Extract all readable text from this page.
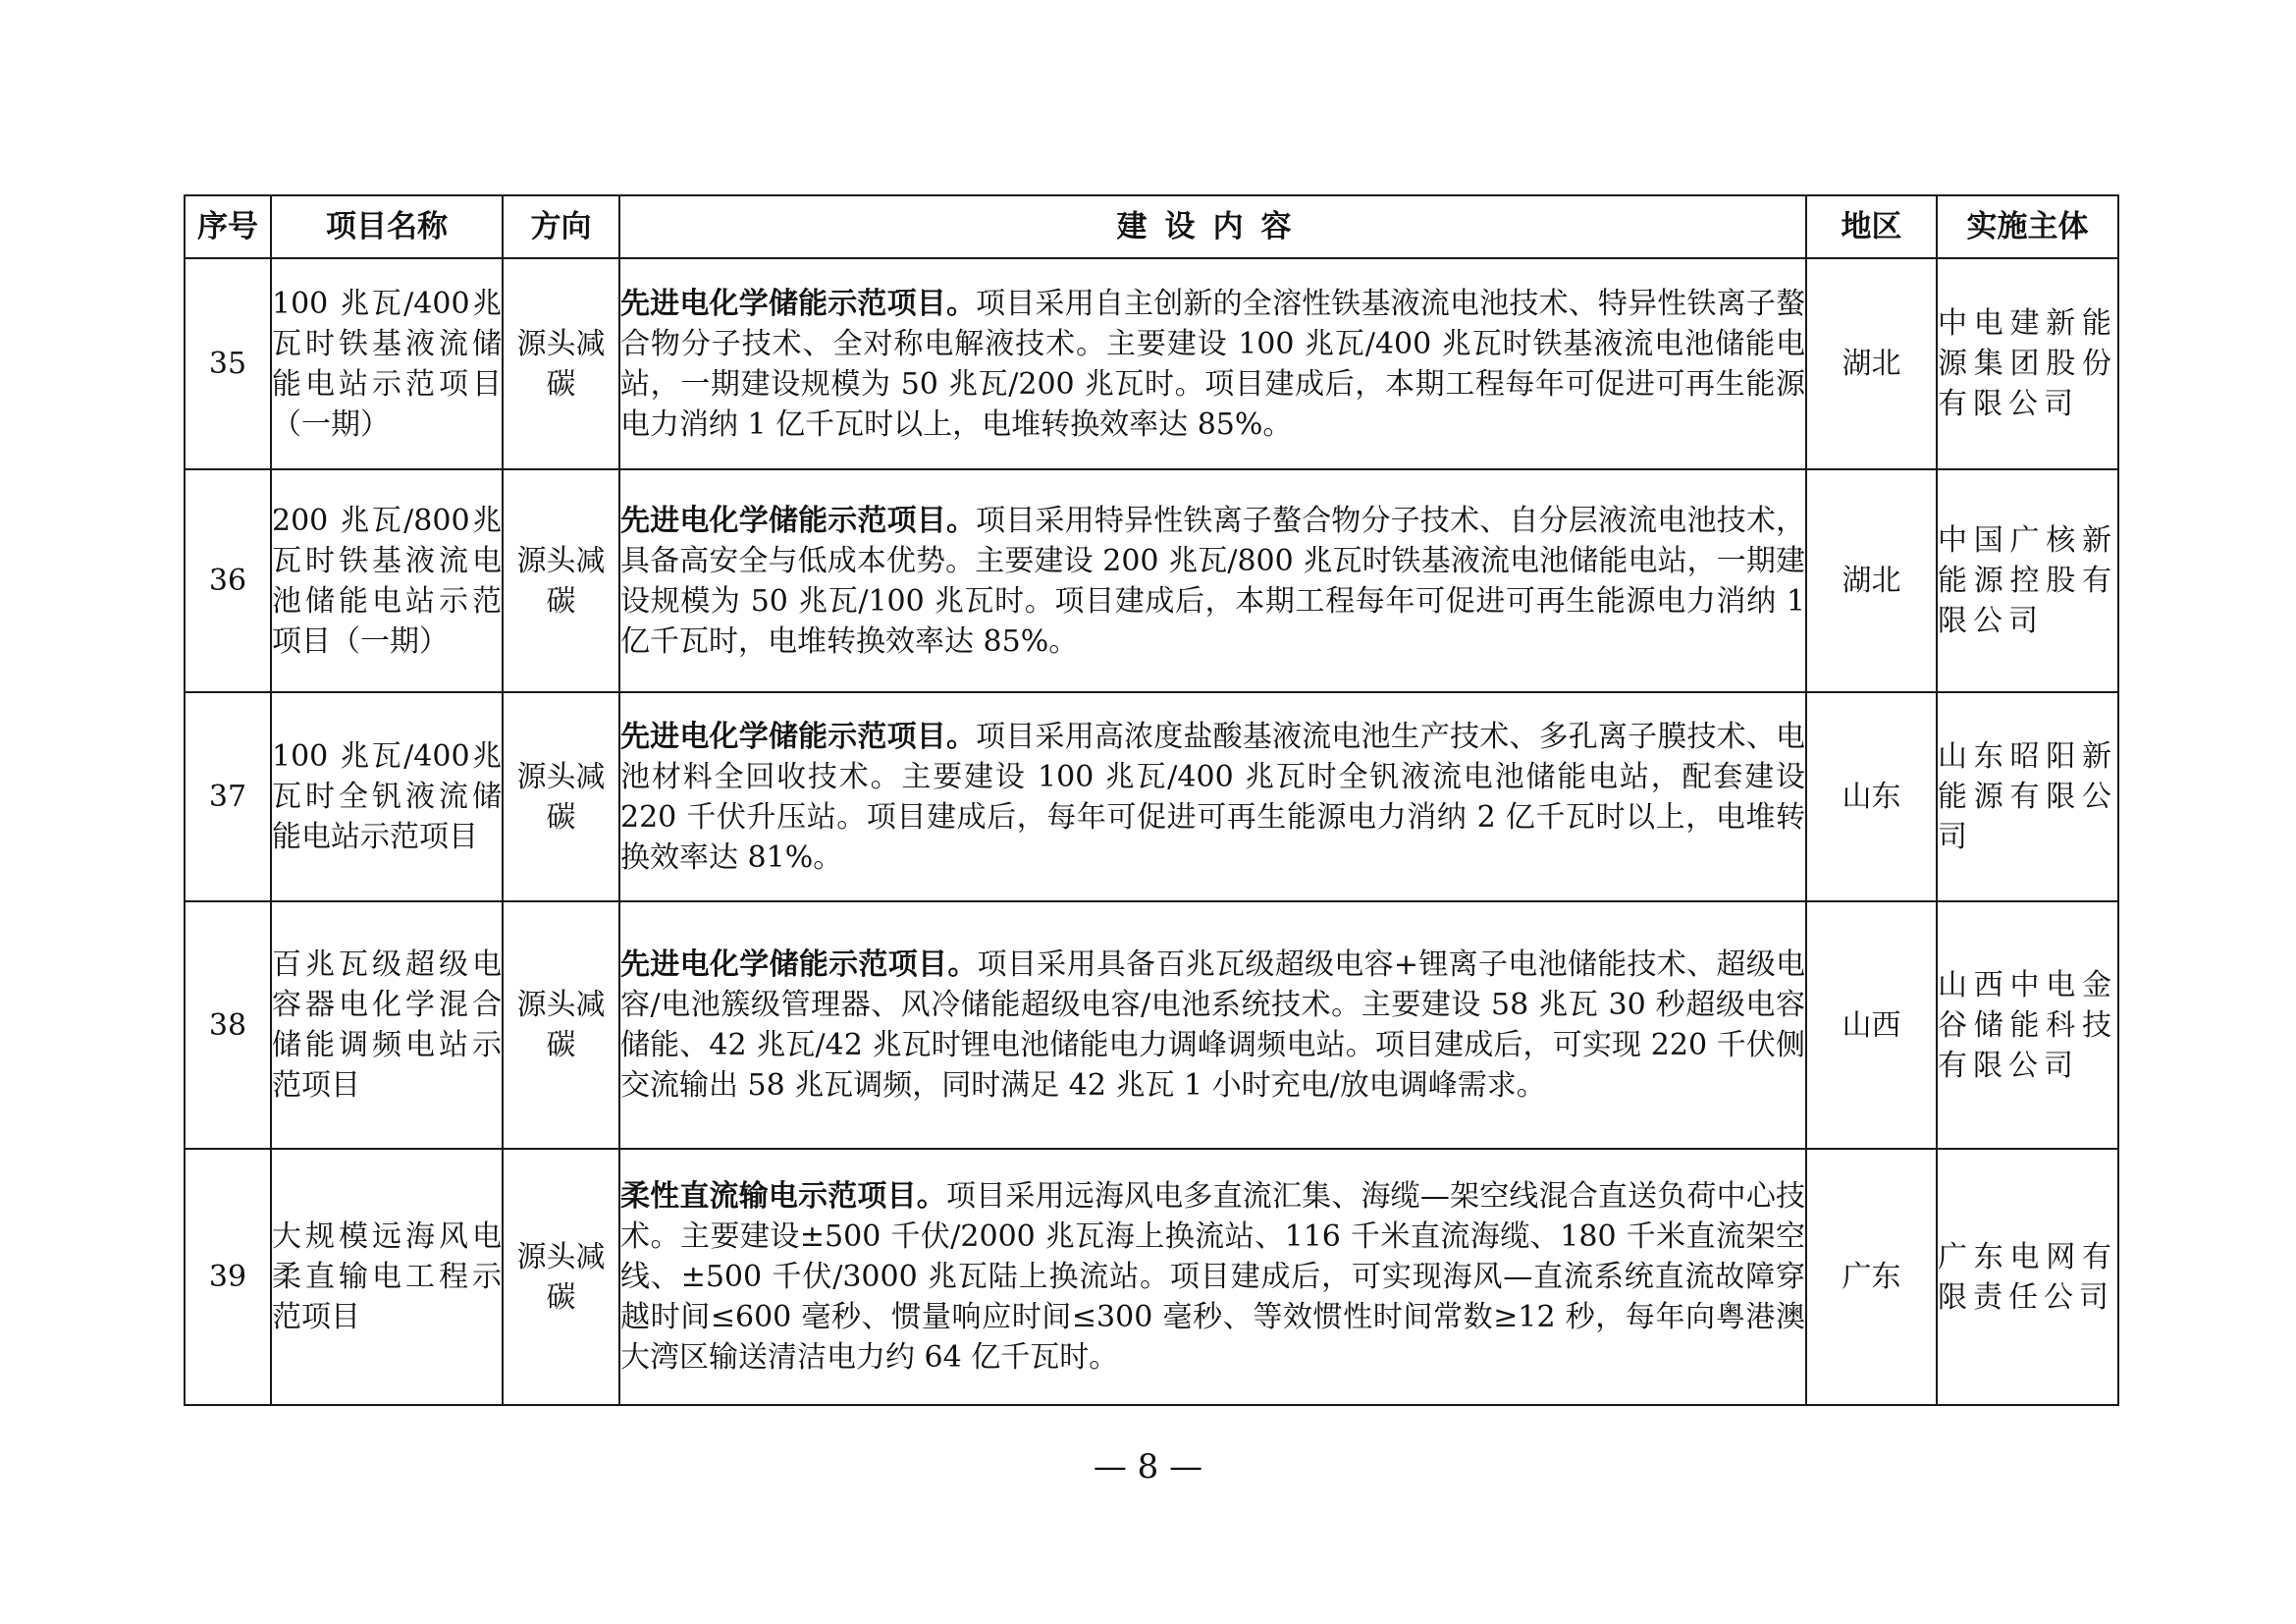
序号	项目名称	方向	建设内容	地区	实施主体
35	100 兆瓦/400兆瓦时铁基液流储能电站示范项目（一期）	源头减碳	先进电化学储能示范项目。项目采用自主创新的全溶性铁基液流电池技术、特异性铁离子螯合物分子技术、全对称电解液技术。主要建设 100 兆瓦/400 兆瓦时铁基液流电池储能电站，一期建设规模为 50 兆瓦/200 兆瓦时。项目建成后，本期工程每年可促进可再生能源电力消纳 1 亿千瓦时以上，电堆转换效率达 85%。	湖北	中电建新能源集团股份有限公司
36	200 兆瓦/800兆瓦时铁基液流电池储能电站示范项目（一期）	源头减碳	先进电化学储能示范项目。项目采用特异性铁离子螯合物分子技术、自分层液流电池技术，具备高安全与低成本优势。主要建设 200 兆瓦/800 兆瓦时铁基液流电池储能电站，一期建设规模为 50 兆瓦/100 兆瓦时。项目建成后，本期工程每年可促进可再生能源电力消纳 1 亿千瓦时，电堆转换效率达 85%。	湖北	中国广核新能源控股有限公司
37	100 兆瓦/400兆瓦时全钒液流储能电站示范项目	源头减碳	先进电化学储能示范项目。项目采用高浓度盐酸基液流电池生产技术、多孔离子膜技术、电池材料全回收技术。主要建设 100 兆瓦/400 兆瓦时全钒液流电池储能电站，配套建设 220 千伏升压站。项目建成后，每年可促进可再生能源电力消纳 2 亿千瓦时以上，电堆转换效率达 81%。	山东	山东昭阳新能源有限公司
38	百兆瓦级超级电容器电化学混合储能调频电站示范项目	源头减碳	先进电化学储能示范项目。项目采用具备百兆瓦级超级电容+锂离子电池储能技术、超级电容/电池簇级管理器、风冷储能超级电容/电池系统技术。主要建设 58 兆瓦 30 秒超级电容储能、42 兆瓦/42 兆瓦时锂电池储能电力调峰调频电站。项目建成后，可实现 220 千伏侧交流输出 58 兆瓦调频，同时满足 42 兆瓦 1 小时充电/放电调峰需求。	山西	山西中电金谷储能科技有限公司
39	大规模远海风电柔直输电工程示范项目	源头减碳	柔性直流输电示范项目。项目采用远海风电多直流汇集、海缆—架空线混合直送负荷中心技术。主要建设±500 千伏/2000 兆瓦海上换流站、116 千米直流海缆、180 千米直流架空线、±500 千伏/3000 兆瓦陆上换流站。项目建成后，可实现海风—直流系统直流故障穿越时间≤600 毫秒、惯量响应时间≤300 毫秒、等效惯性时间常数≥12 秒，每年向粤港澳大湾区输送清洁电力约 64 亿千瓦时。	广东	广东电网有限责任公司
— 8 —
